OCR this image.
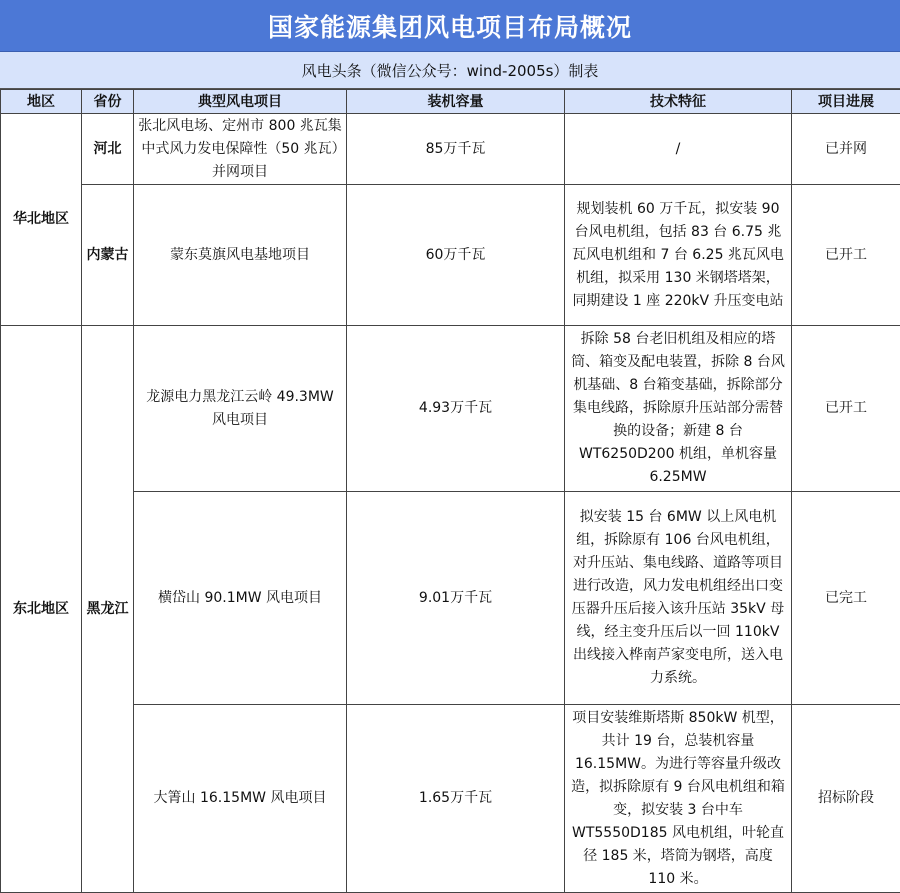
国家能源集团风电项目布局概况
风电头条（微信公众号：wind-2005s）制表
地区	省份	典型风电项目	装机容量	技术特征	项目进展
华北地区	河北	张北风电场、定州市 800 兆瓦集中式风力发电保障性（50 兆瓦）并网项目	85万千瓦	/	已并网
	内蒙古	蒙东莫旗风电基地项目	60万千瓦	规划装机 60 万千瓦，拟安装 90 台风电机组，包括 83 台 6.75 兆瓦风电机组和 7 台 6.25 兆瓦风电机组，拟采用 130 米钢塔塔架，同期建设 1 座 220kV 升压变电站	已开工
东北地区	黑龙江	龙源电力黑龙江云岭 49.3MW 风电项目	4.93万千瓦	拆除 58 台老旧机组及相应的塔筒、箱变及配电装置，拆除 8 台风机基础、8 台箱变基础，拆除部分集电线路，拆除原升压站部分需替换的设备；新建 8 台 WT6250D200 机组，单机容量 6.25MW	已开工
		横岱山 90.1MW 风电项目	9.01万千瓦	拟安装 15 台 6MW 以上风电机组，拆除原有 106 台风电机组，对升压站、集电线路、道路等项目进行改造，风力发电机组经出口变压器升压后接入该升压站 35kV 母线，经主变升压后以一回 110kV 出线接入桦南芦家变电所，送入电力系统。	已完工
		大箐山 16.15MW 风电项目	1.65万千瓦	项目安装维斯塔斯 850kW 机型，共计 19 台，总装机容量 16.15MW。为进行等容量升级改造，拟拆除原有 9 台风电机组和箱变，拟安装 3 台中车 WT5550D185 风电机组，叶轮直径 185 米，塔筒为钢塔，高度 110 米。	招标阶段
